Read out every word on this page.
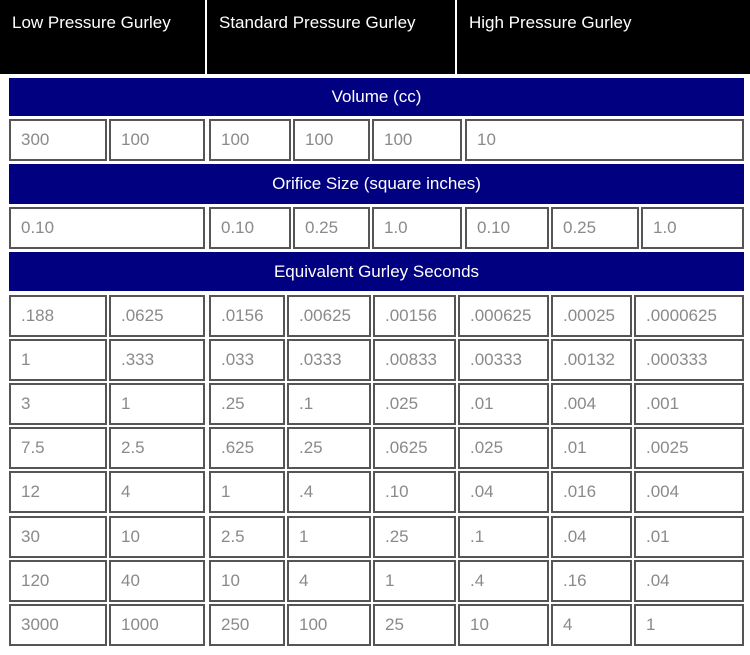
Low Pressure Gurley	Standard Pressure Gurley	High Pressure Gurley
Volume (cc)
Orifice Size (square inches)
Equivalent Gurley Seconds
300	100	100	100	100	10
0.10	0.10	0.25	1.0	0.10	0.25	1.0
.188	.0625	.0156	.00625	.00156	.000625	.00025	.0000625
1	.333	.033	.0333	.00833	.00333	.00132	.000333
3	1	.25	.1	.025	.01	.004	.001
7.5	2.5	.625	.25	.0625	.025	.01	.0025
12	4	1	.4	.10	.04	.016	.004
30	10	2.5	1	.25	.1	.04	.01
120	40	10	4	1	.4	.16	.04
3000	1000	250	100	25	10	4	1
